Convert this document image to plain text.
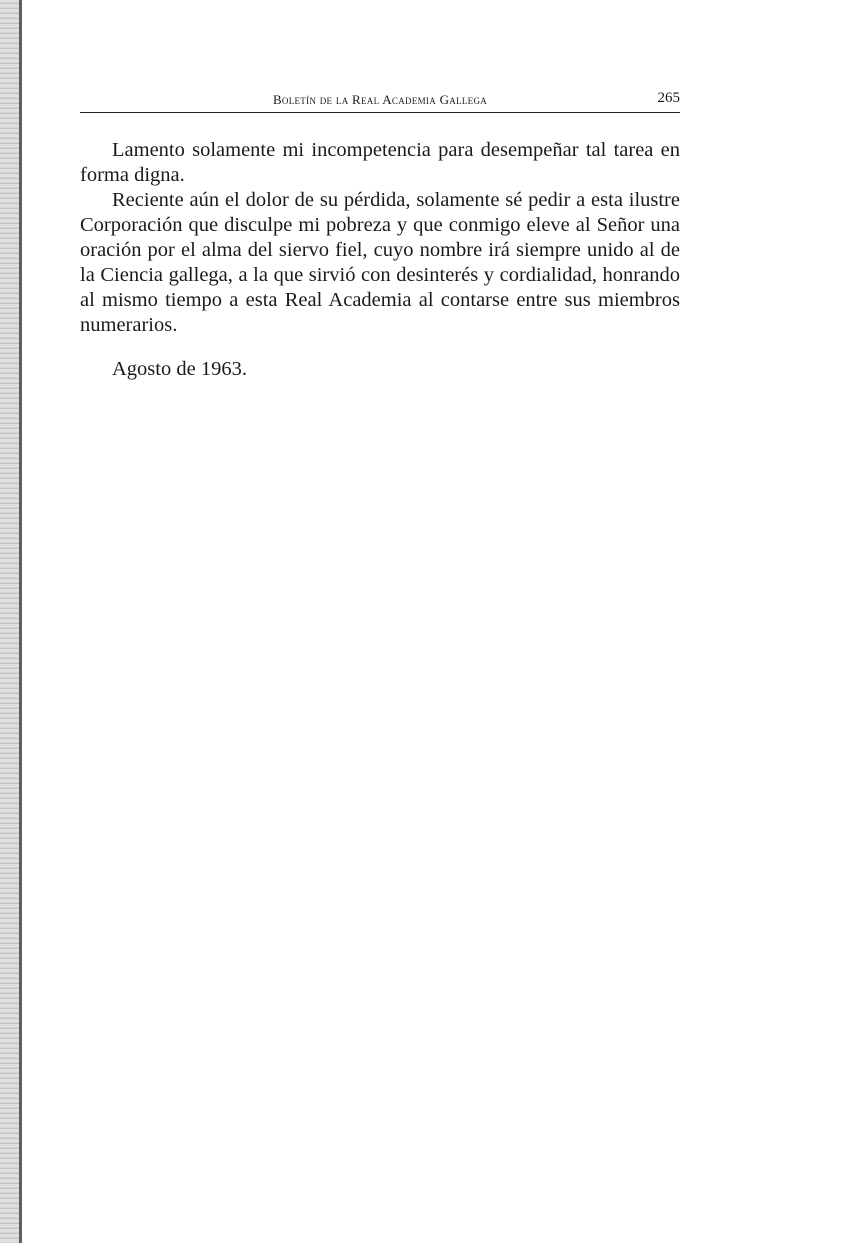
Boletín de la Real Academia Gallega	265

Lamento solamente mi incompetencia para desempeñar tal tarea en forma digna.

Reciente aún el dolor de su pérdida, solamente sé pedir a esta ilustre Corporación que disculpe mi pobreza y que conmigo eleve al Señor una oración por el alma del siervo fiel, cuyo nombre irá siempre unido al de la Ciencia gallega, a la que sirvió con desinterés y cordialidad, honrando al mismo tiempo a esta Real Academia al contarse entre sus miembros numerarios.

Agosto de 1963.
